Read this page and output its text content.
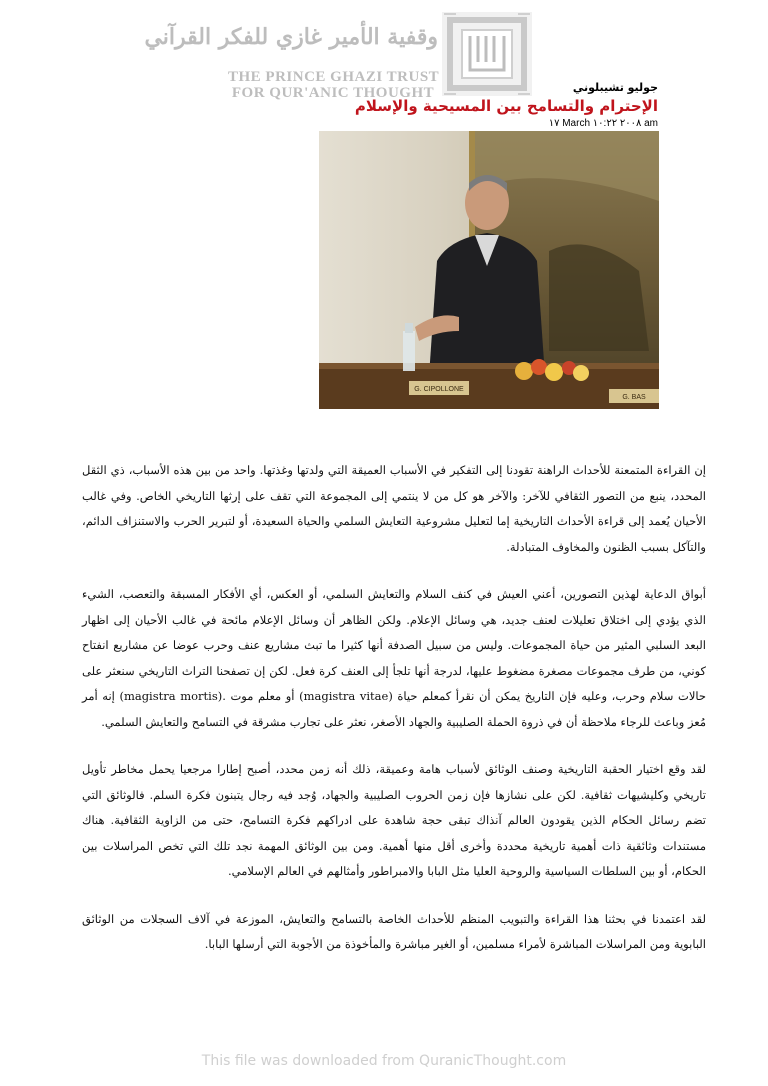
وقفية الأمير غازي للفكر القرآني
THE PRINCE GHAZI TRUST
FOR QUR'ANIC THOUGHT	جوليو تشيبلوني
الإحترام والتسامح بين المسيحية والإسلام
١٧ March ٢٠٠٨ ١٠:٢٢ am
G. CIPOLLONE
G. BAS

إن القراءة المتمعنة للأحداث الراهنة تقودنا إلى التفكير في الأسباب العميقة التي ولدتها وغذتها. واحد من بين هذه الأسباب، ذي الثقل المحدد، ينبع من التصور الثقافي للآخر: والآخر هو كل من لا ينتمي إلى المجموعة التي تقف على إرثها التاريخي الخاص. وفي غالب الأحيان يُعمد إلى قراءة الأحداث التاريخية إما لتعليل مشروعية التعايش السلمي والحياة السعيدة، أو لتبرير الحرب والاستنزاف الدائم، والتآكل بسبب الظنون والمخاوف المتبادلة.

أبواق الدعاية لهذين التصورين، أعني العيش في كنف السلام والتعايش السلمي، أو العكس، أي الأفكار المسبقة والتعصب، الشيء الذي يؤدي إلى اختلاق تعليلات لعنف جديد، هي وسائل الإعلام. ولكن الظاهر أن وسائل الإعلام مائحة في غالب الأحيان إلى اظهار البعد السلبي المثير من حياة المجموعات. وليس من سبيل الصدفة أنها كثيرا ما تبث مشاريع عنف وحرب عوضا عن مشاريع انفتاح كوني، من طرف مجموعات مصغرة مضغوط عليها، لدرجة أنها تلجأ إلى العنف كرة فعل. لكن إن تصفحنا التراث التاريخي سنعثر على حالات سلام وحرب، وعليه فإن التاريخ يمكن أن نقرأ كمعلم حياة (magistra vitae) أو معلم موت .(magistra mortis) إنه أمر مُعز وباعث للرجاء ملاحظة أن في ذروة الحملة الصليبية والجهاد الأصغر، نعثر على تجارب مشرقة في التسامح والتعايش السلمي.

لقد وقع اختيار الحقبة التاريخية وصنف الوثائق لأسباب هامة وعميقة، ذلك أنه زمن محدد، أصبح إطارا مرجعيا يحمل مخاطر تأويل تاريخي وكليشيهات ثقافية. لكن على نشازها فإن زمن الحروب الصليبية والجهاد، وُجد فيه رجال يتبنون فكرة السلم. فالوثائق التي تضم رسائل الحكام الذين يقودون العالم آنذاك تبقى حجة شاهدة على ادراكهم فكرة التسامح، حتى من الزاوية الثقافية. هناك مستندات وثائقية ذات أهمية تاريخية محددة وأخرى أقل منها أهمية. ومن بين الوثائق المهمة نجد تلك التي تخص المراسلات بين الحكام، أو بين السلطات السياسية والروحية العليا مثل البابا والامبراطور وأمثالهم في العالم الإسلامي.

لقد اعتمدنا في بحثنا هذا القراءة والتبويب المنظم للأحداث الخاصة بالتسامح والتعايش، الموزعة في آلاف السجلات من الوثائق البابوية ومن المراسلات المباشرة لأمراء مسلمين، أو الغير مباشرة والمأخوذة من الأجوبة التي أرسلها البابا.

This file was downloaded from QuranicThought.com
